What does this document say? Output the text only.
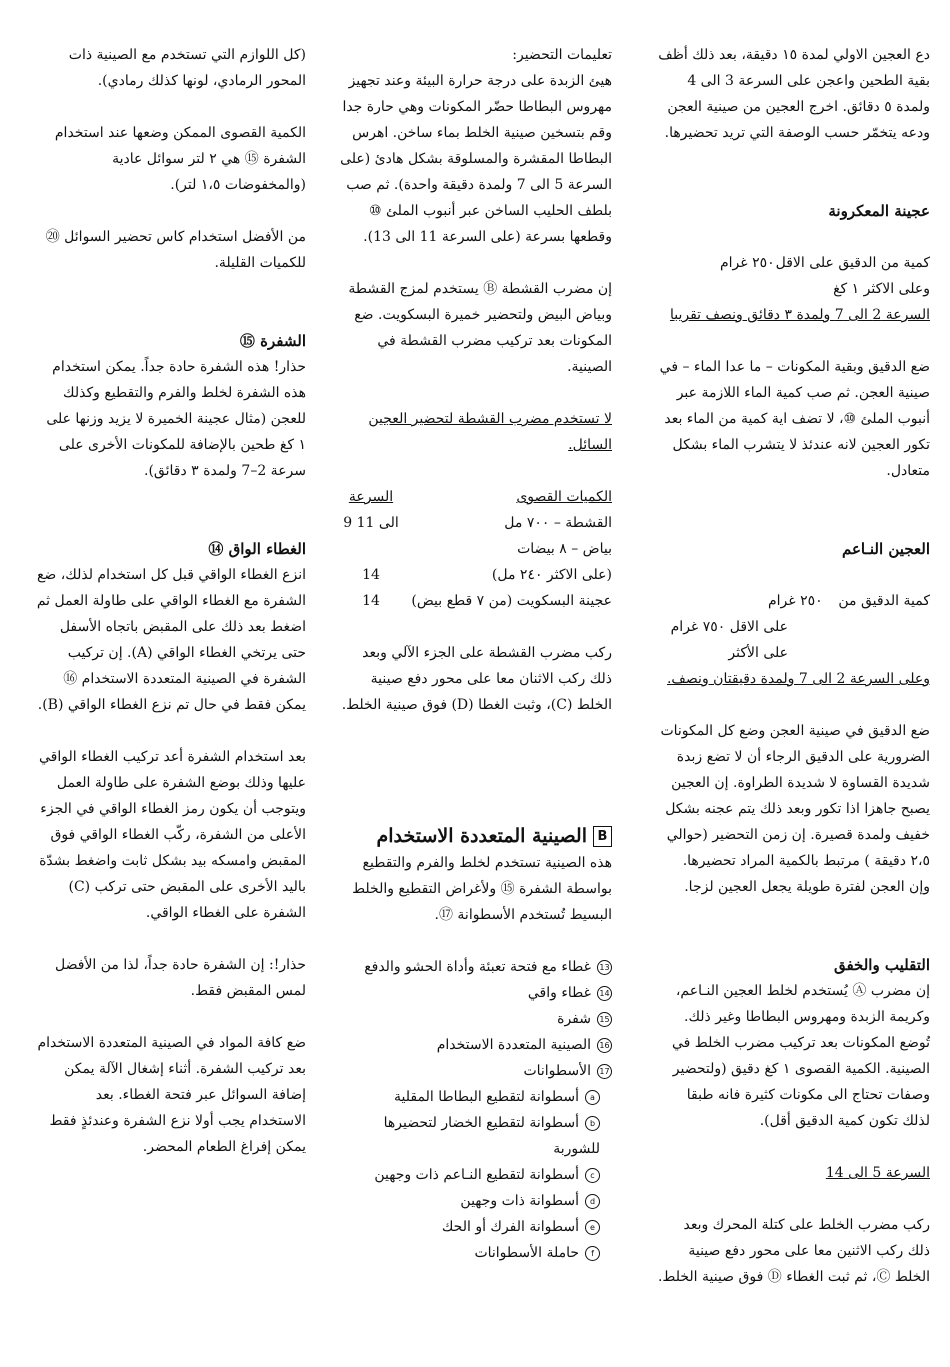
دع العجين الاولي لمدة ١٥ دقيقة، بعد ذلك أظف بقية الطحين واعجن على السرعة 3 الى 4 ولمدة ٥ دقائق. اخرج العجين من صينية العجن ودعه يتخمّر حسب الوصفة التي تريد تحضيرها.

عجينة المعكرونة

كمية من الدقيق على الاقل
٢٥٠ غرام

وعلى الاكثر ١ كغ

السرعة 2 الى 7 ولمدة ٣ دقائق ونصف تقريبا

ضع الدقيق وبقية المكونات – ما عدا الماء – في صينية العجن. ثم صب كمية الماء اللازمة عبر أنبوب الملئ ⑩، لا تضف اية كمية من الماء بعد تكور العجين لانه عندئذ لا يتشرب الماء بشكل متعادل.

العجين النـاعم

كمية الدقيق من
٢٥٠ غرام

على الاقل ٧٥٠ غرام

على الأكثر

وعلى السرعة 2 الى 7 ولمدة دقيقتان ونصف.

ضع الدقيق في صينية العجن وضع كل المكونات الضرورية على الدقيق الرجاء أن لا تضع زبدة شديدة القساوة لا شديدة الطراوة. إن العجين يصبح جاهزا اذا تكور وبعد ذلك يتم عجنه بشكل خفيف ولمدة قصيرة. إن زمن التحضير (حوالي ٢،٥ دقيقة ) مرتبط بالكمية المراد تحضيرها. وإن العجن لفترة طويلة يجعل العجين لزجا.

التقليب والخفق

إن مضرب Ⓐ يُستخدم لخلط العجين النـاعم، وكريمة الزبدة ومهروس البطاطا وغير ذلك. تُوضع المكونات بعد تركيب مضرب الخلط في الصينية. الكمية القصوى ١ كغ دقيق (ولتحضير وصفات تحتاج الى مكونات كثيرة فانه طبقا لذلك تكون كمية الدقيق أقل).

السرعة 5 الى 14

ركب مضرب الخلط على كتلة المحرك وبعد ذلك ركب الاثنين معا على محور دفع صينية الخلط Ⓒ، ثم ثبت الغطاء Ⓓ فوق صينية الخلط.

تعليمات التحضير:

هيئ الزبدة على درجة حرارة البيئة وعند تجهيز مهروس البطاطا حضّر المكونات وهي حارة جدا وقم بتسخين صينية الخلط بماء ساخن. اهرس البطاطا المقشرة والمسلوقة بشكل هادئ (على السرعة 5 الى 7 ولمدة دقيقة واحدة). ثم صب بلطف الحليب الساخن عبر أنبوب الملئ ⑩ وقطعها بسرعة (على السرعة 11 الى 13).

إن مضرب القشطة Ⓑ يستخدم لمزج القشطة وبياض البيض ولتحضير خميرة البسكويت. ضع المكونات بعد تركيب مضرب القشطة في الصينية.

لا تستخدم مضرب القشطة لتحضير العجين السائل.

الكميات القصوى	السرعة
القشطة – ٧٠٠ مل	9 الى 11
بياض – ٨ بيضات	
(على الاكثر ٢٤٠ مل)	14
عجينة البسكويت (من ٧ قطع بيض)	14

ركب مضرب القشطة على الجزء الآلي وبعد ذلك ركب الاثنان معا على محور دفع صينية الخلط (C)، وثبت الغطا (D) فوق صينية الخلط.

Bالصينية المتعددة الاستخدام

هذه الصينية تستخدم لخلط والفرم والتقطيع بواسطة الشفرة ⑮ ولأغراض التقطيع والخلط البسيط تُستخدم الأسطوانة ⑰.

13غطاء مع فتحة تعبئة وأداة الحشو والدفع
14غطاء واقي
15شفرة
16الصينية المتعددة الاستخدام
17الأسطوانات
aأسطوانة لتقطيع البطاطا المقلية
bأسطوانة لتقطيع الخضار لتحضيرها للشوربة
cأسطوانة لتقطيع النـاعم ذات وجهين
dأسطوانة ذات وجهين
eأسطوانة الفرك أو الحك
fحاملة الأسطوانات

(كل اللوازم التي تستخدم مع الصينية ذات المحور الرمادي، لونها كذلك رمادي).

الكمية القصوى الممكن وضعها عند استخدام الشفرة ⑮ هي ٢ لتر سوائل عادية (والمخفوضات ١،٥ لتر).

من الأفضل استخدام كاس تحضير السوائل ⑳ للكميات القليلة.

الشفرة ⑮

حذار! هذه الشفرة حادة جداً. يمكن استخدام هذه الشفرة لخلط والفرم والتقطيع وكذلك للعجن (مثال عجينة الخميرة لا يزيد وزنها على ١ كغ طحين بالإضافة للمكونات الأخرى على سرعة 2–7 ولمدة ٣ دقائق).

الغطاء الواق ⑭

انزع الغطاء الواقي قبل كل استخدام لذلك، ضع الشفرة مع الغطاء الواقي على طاولة العمل ثم اضغط بعد ذلك على المقبض باتجاه الأسفل حتى يرتخي الغطاء الواقي (A). إن تركيب الشفرة في الصينية المتعددة الاستخدام ⑯ يمكن فقط في حال تم نزع الغطاء الواقي (B).

بعد استخدام الشفرة أعد تركيب الغطاء الواقي عليها وذلك بوضع الشفرة على طاولة العمل ويتوجب أن يكون رمز الغطاء الواقي في الجزء الأعلى من الشفرة، ركّب الغطاء الواقي فوق المقبض وامسكه بيد بشكل ثابت واضغط بشدّة باليد الأخرى على المقبض حتى تركب (C) الشفرة على الغطاء الواقي.

حذار!: إن الشفرة حادة جداً، لذا من الأفضل لمس المقبض فقط.

ضع كافة المواد في الصينية المتعددة الاستخدام بعد تركيب الشفرة. أثناء إشغال الآلة يمكن إضافة السوائل عبر فتحة الغطاء. بعد الاستخدام يجب أولا نزع الشفرة وعندئذٍ فقط يمكن إفراغ الطعام المحضر.
